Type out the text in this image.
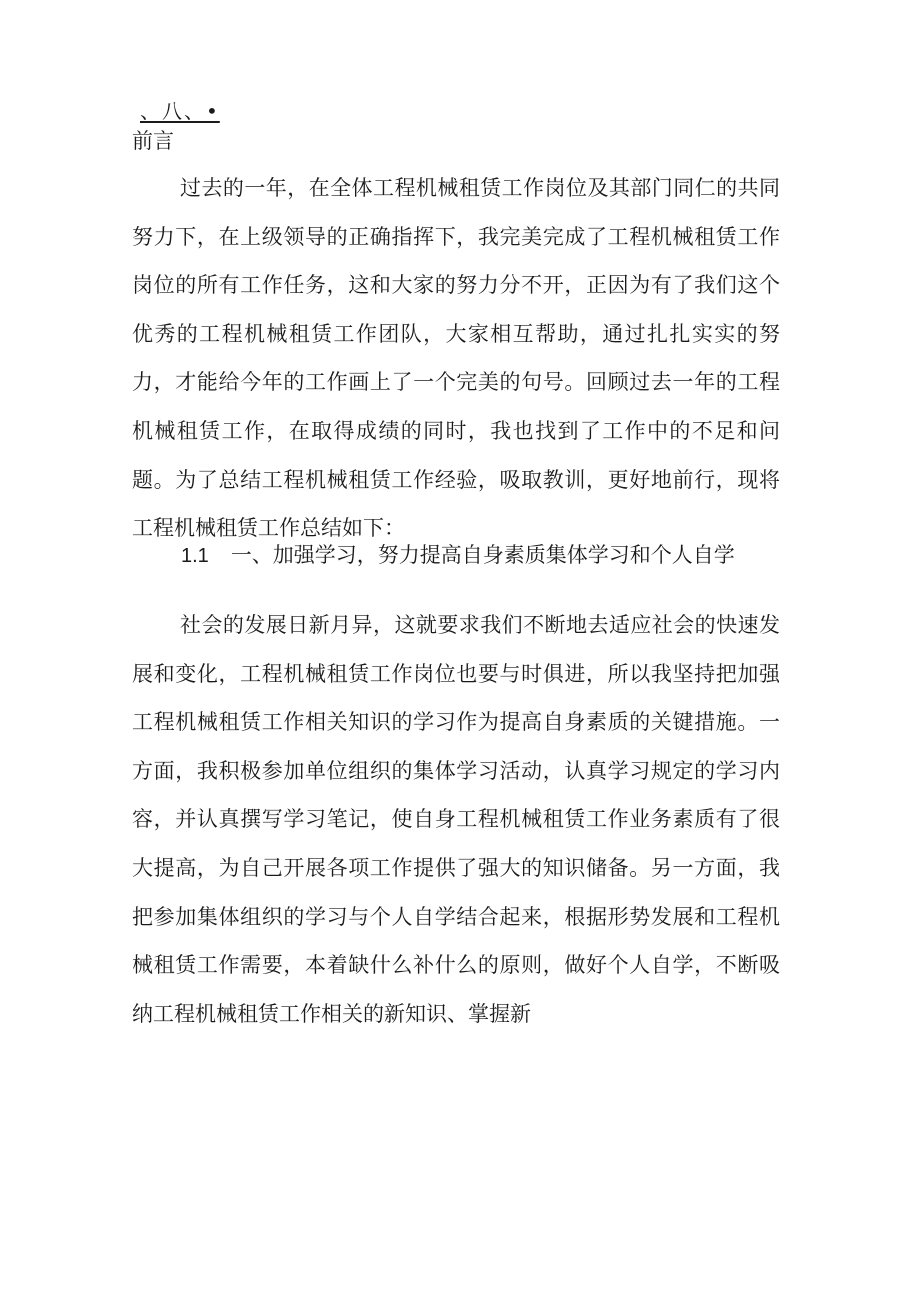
、八、•
前言

过去的一年，在全体工程机械租赁工作岗位及其部门同仁的共同努力下，在上级领导的正确指挥下，我完美完成了工程机械租赁工作岗位的所有工作任务，这和大家的努力分不开，正因为有了我们这个优秀的工程机械租赁工作团队，大家相互帮助，通过扎扎实实的努力，才能给今年的工作画上了一个完美的句号。回顾过去一年的工程机械租赁工作，在取得成绩的同时，我也找到了工作中的不足和问题。为了总结工程机械租赁工作经验，吸取教训，更好地前行，现将工程机械租赁工作总结如下：

1.1 一、加强学习，努力提高自身素质集体学习和个人自学

社会的发展日新月异，这就要求我们不断地去适应社会的快速发展和变化，工程机械租赁工作岗位也要与时俱进，所以我坚持把加强工程机械租赁工作相关知识的学习作为提高自身素质的关键措施。一方面，我积极参加单位组织的集体学习活动，认真学习规定的学习内容，并认真撰写学习笔记，使自身工程机械租赁工作业务素质有了很大提高，为自己开展各项工作提供了强大的知识储备。另一方面，我把参加集体组织的学习与个人自学结合起来，根据形势发展和工程机械租赁工作需要，本着缺什么补什么的原则，做好个人自学，不断吸纳工程机械租赁工作相关的新知识、掌握新
